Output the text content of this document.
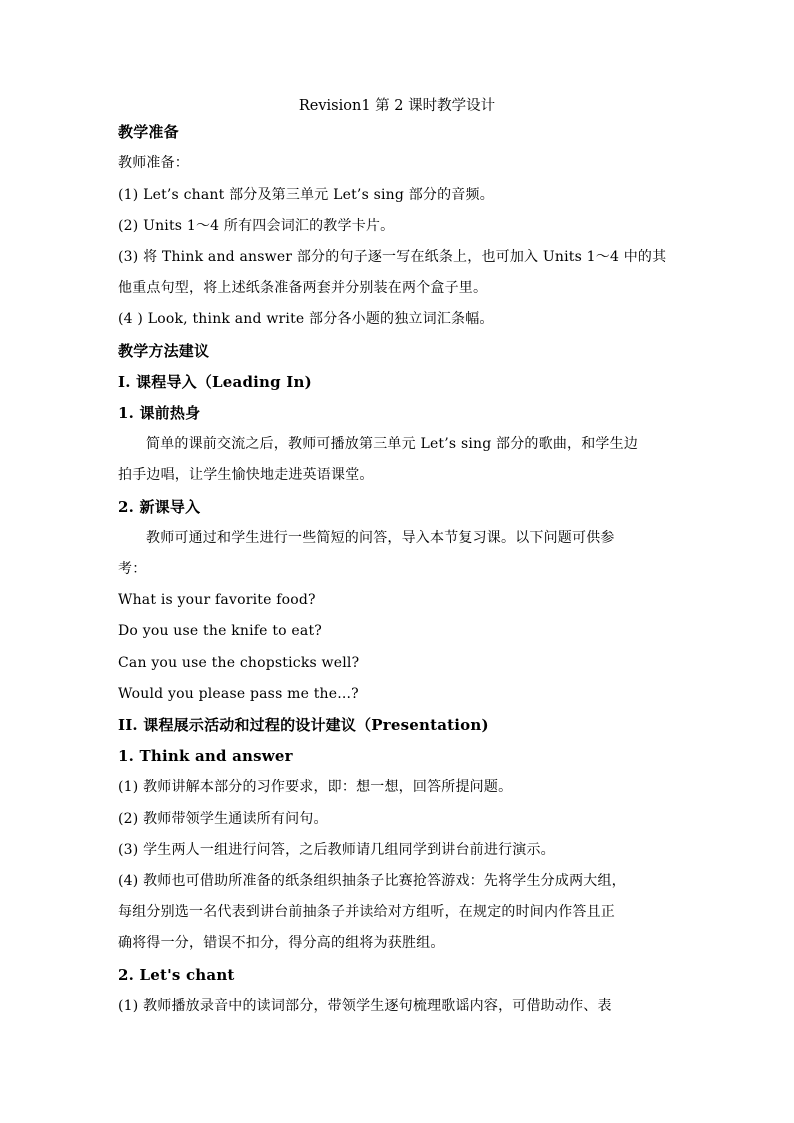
Revision1 第 2 课时教学设计
教学准备
教师准备：
(1) Let’s chant 部分及第三单元 Let’s sing 部分的音频。
(2) Units 1～4 所有四会词汇的教学卡片。
(3) 将 Think and answer 部分的句子逐一写在纸条上，也可加入 Units 1～4 中的其
他重点句型，将上述纸条准备两套并分别装在两个盒子里。
(4 ) Look, think and write 部分各小题的独立词汇条幅。
教学方法建议
I. 课程导入（Leading In)
1. 课前热身
简单的课前交流之后，教师可播放第三单元 Let’s sing 部分的歌曲，和学生边
拍手边唱，让学生愉快地走进英语课堂。
2. 新课导入
教师可通过和学生进行一些简短的问答，导入本节复习课。以下问题可供参
考：
What is your favorite food?
Do you use the knife to eat?
Can you use the chopsticks well?
Would you please pass me the...?
II. 课程展示活动和过程的设计建议（Presentation)
1. Think and answer
(1) 教师讲解本部分的习作要求，即：想一想，回答所提问题。
(2) 教师带领学生通读所有问句。
(3) 学生两人一组进行问答，之后教师请几组同学到讲台前进行演示。
(4) 教师也可借助所准备的纸条组织抽条子比赛抢答游戏：先将学生分成两大组，
每组分别选一名代表到讲台前抽条子并读给对方组听，在规定的时间内作答且正
确将得一分，错误不扣分，得分高的组将为获胜组。
2. Let's chant
(1) 教师播放录音中的读词部分，带领学生逐句梳理歌谣内容，可借助动作、表
